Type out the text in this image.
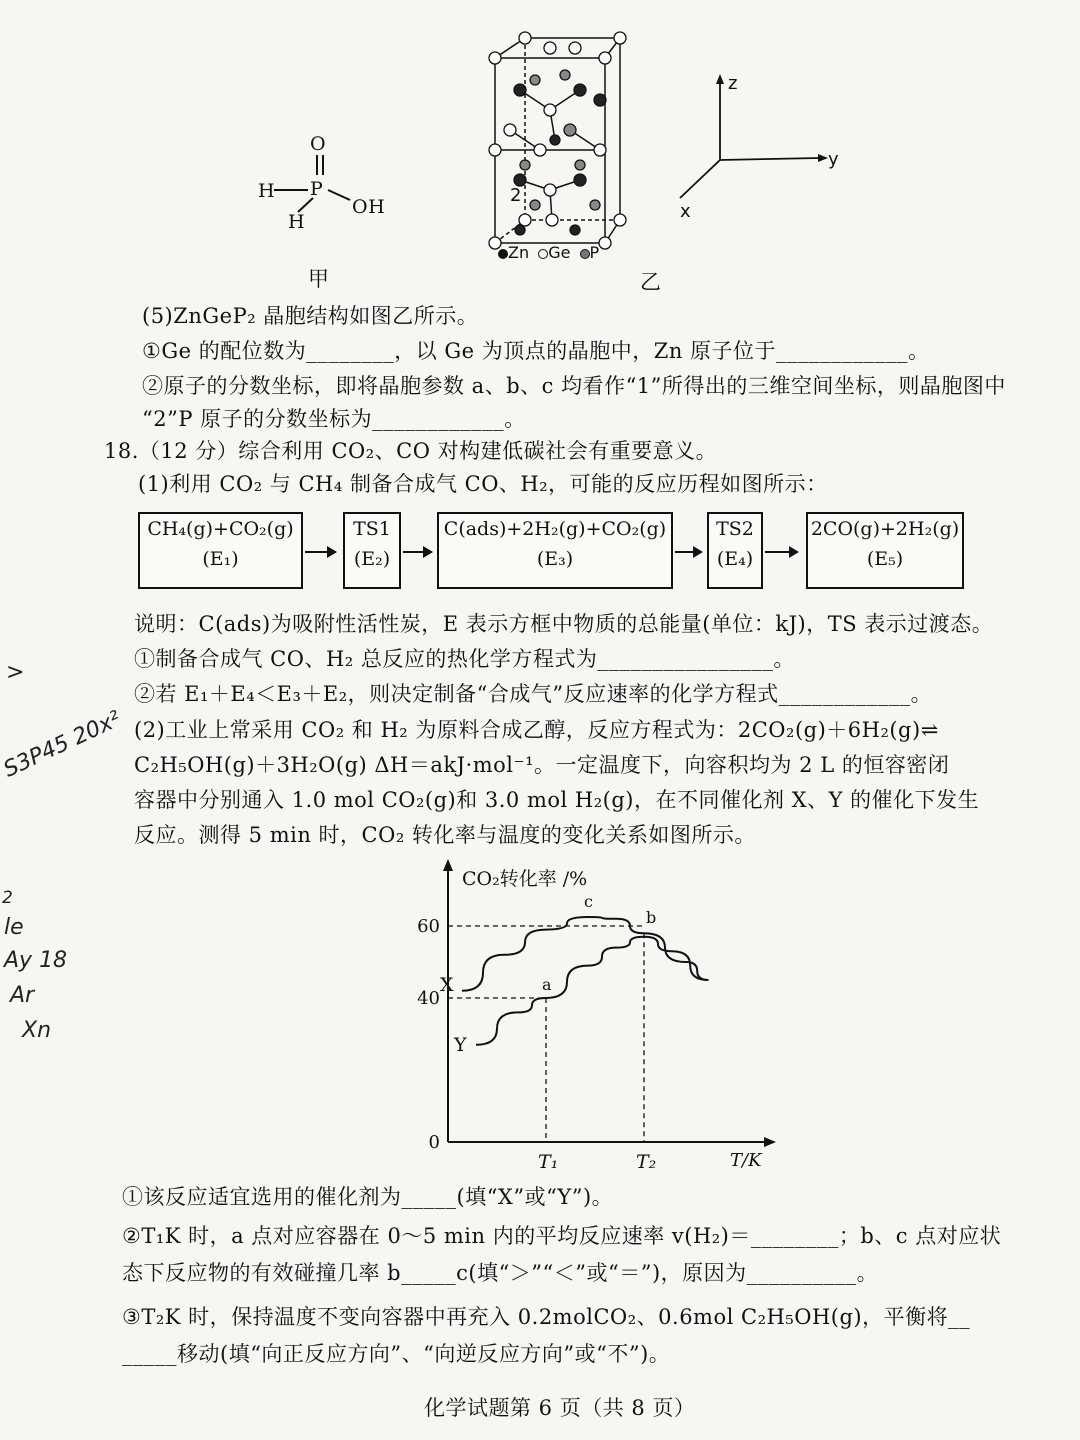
O
P
H
H
OH
甲
2
Zn Ge P
乙
z
y
x
(5)ZnGeP₂ 晶胞结构如图乙所示。
①Ge 的配位数为________，以 Ge 为顶点的晶胞中，Zn 原子位于____________。
②原子的分数坐标，即将晶胞参数 a、b、c 均看作“1”所得出的三维空间坐标，则晶胞图中
“2”P 原子的分数坐标为____________。
18.（12 分）综合利用 CO₂、CO 对构建低碳社会有重要意义。
(1)利用 CO₂ 与 CH₄ 制备合成气 CO、H₂，可能的反应历程如图所示：
CH₄(g)+CO₂(g)
(E₁)
TS1
(E₂)
C(ads)+2H₂(g)+CO₂(g)
(E₃)
TS2
(E₄)
2CO(g)+2H₂(g)
(E₅)
说明：C(ads)为吸附性活性炭，E 表示方框中物质的总能量(单位：kJ)，TS 表示过渡态。
①制备合成气 CO、H₂ 总反应的热化学方程式为________________。
②若 E₁＋E₄＜E₃＋E₂，则决定制备“合成气”反应速率的化学方程式____________。
(2)工业上常采用 CO₂ 和 H₂ 为原料合成乙醇，反应方程式为：2CO₂(g)＋6H₂(g)⇌
C₂H₅OH(g)＋3H₂O(g) ΔH＝akJ·mol⁻¹。一定温度下，向容积均为 2 L 的恒容密闭
容器中分别通入 1.0 mol CO₂(g)和 3.0 mol H₂(g)，在不同催化剂 X、Y 的催化下发生
反应。测得 5 min 时，CO₂ 转化率与温度的变化关系如图所示。
CO₂转化率 /%
T/K
0
40
60
T₁	T₂
X
Y
a
b
c
①该反应适宜选用的催化剂为_____(填“X”或“Y”)。
②T₁K 时，a 点对应容器在 0～5 min 内的平均反应速率 v(H₂)＝________；b、c 点对应状
态下反应物的有效碰撞几率 b_____c(填“＞”“＜”或“＝”)，原因为__________。
③T₂K 时，保持温度不变向容器中再充入 0.2molCO₂、0.6mol C₂H₅OH(g)，平衡将__
_____移动(填“向正反应方向”、“向逆反应方向”或“不”)。
化学试题第 6 页（共 8 页）
>
S3P45 20x²
2
le
Ay 18
Ar
Xn
